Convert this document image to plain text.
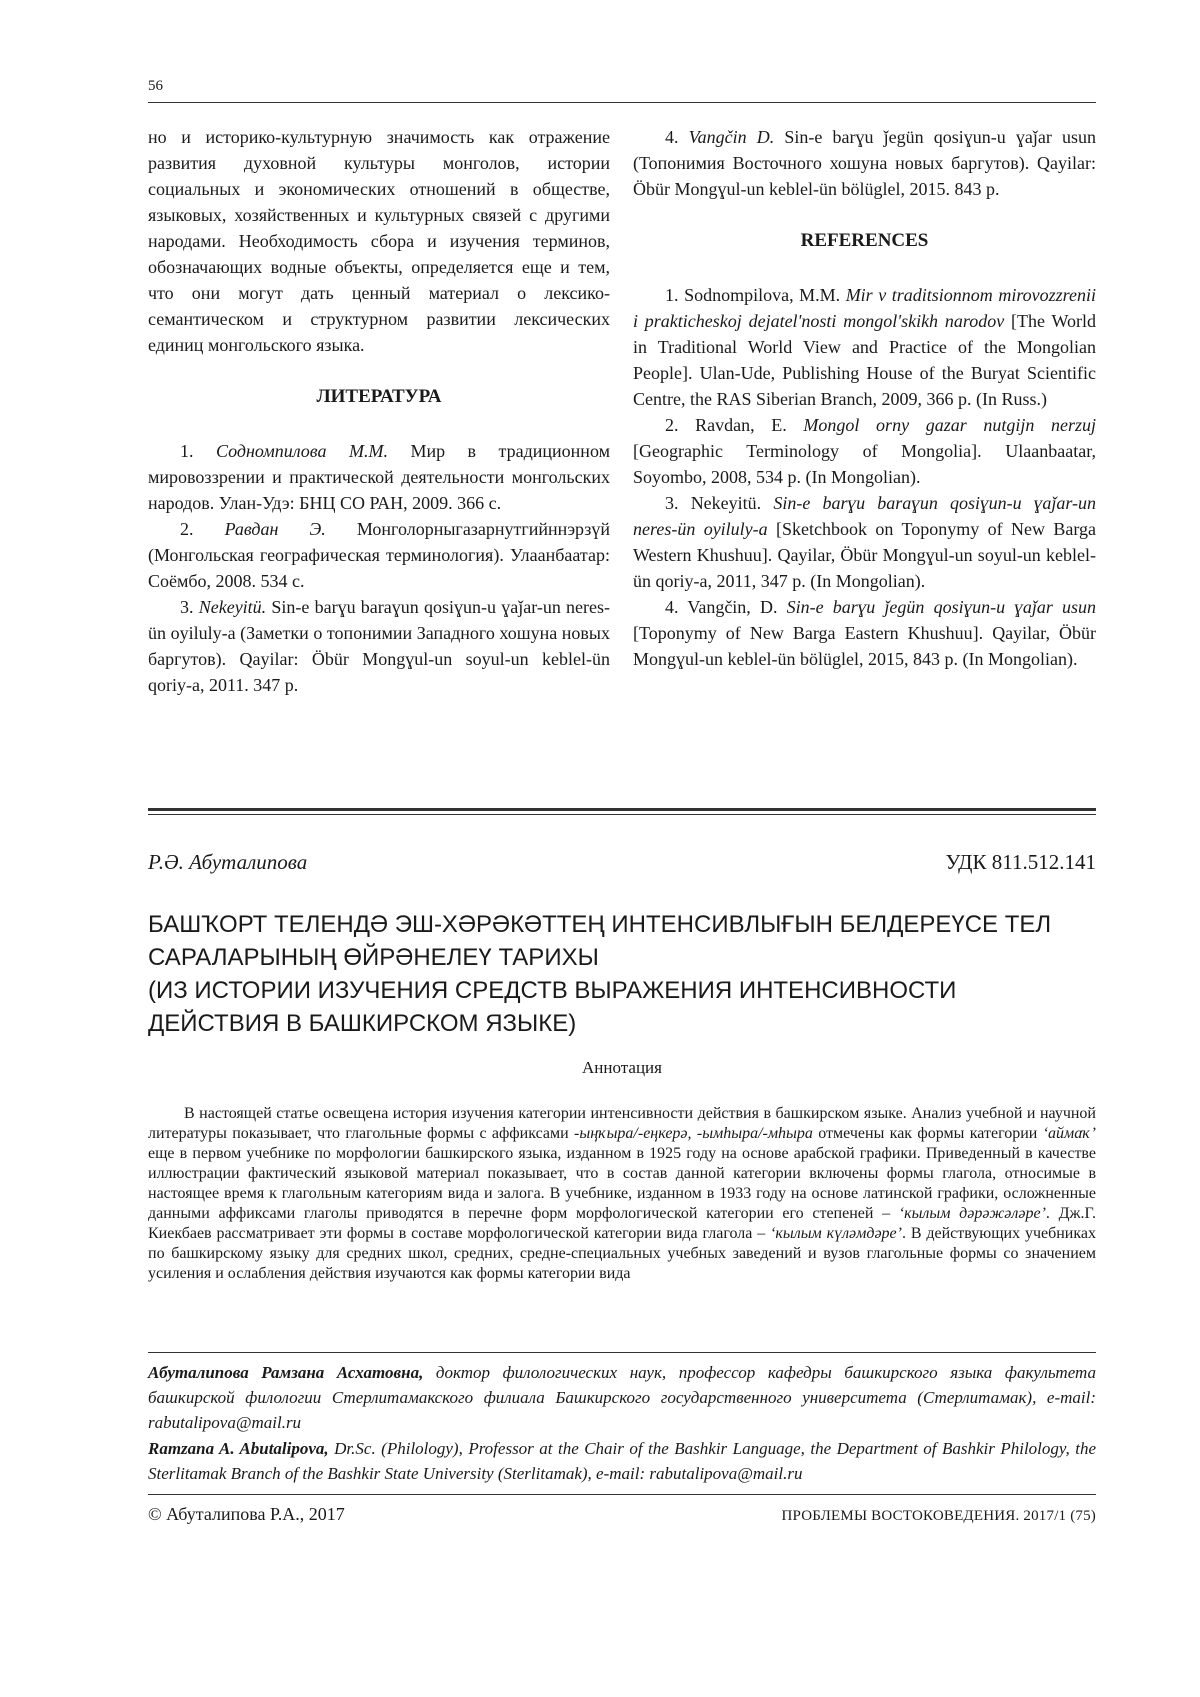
56

но и историко-культурную значимость как отражение развития духовной культуры монголов, истории социальных и экономических отношений в обществе, языковых, хозяйственных и культурных связей с другими народами. Необходимость сбора и изучения терминов, обозначающих водные объекты, определяется еще и тем, что они могут дать ценный материал о лексико-семантическом и структурном развитии лексических единиц монгольского языка.

ЛИТЕРАТУРА

1. Содномпилова М.М. Мир в традиционном мировоззрении и практической деятельности монгольских народов. Улан-Удэ: БНЦ СО РАН, 2009. 366 с.

2. Равдан Э. Монголорныгазарнутгийннэрзүй (Монгольская географическая терминология). Улаанбаатар: Соёмбо, 2008. 534 с.

3. Nekeyitü. Sin-e barɣu baraɣun qosiɣun-u ɣaǰar-un neres-ün oyiluly-a (Заметки о топонимии Западного хошуна новых баргутов). Qayilar: Öbür Mongɣul-un soyul-un keblel-ün qoriy-a, 2011. 347 p.

4. Vangčin D. Sin-e barɣu ǰegün qosiɣun-u ɣaǰar usun (Топонимия Восточного хошуна новых баргутов). Qayilar: Öbür Mongɣul-un keblel-ün bölüglel, 2015. 843 p.

REFERENCES

1. Sodnompilova, M.M. Mir v traditsionnom mirovozzrenii i prakticheskoj dejatel'nosti mongol'skikh narodov [The World in Traditional World View and Practice of the Mongolian People]. Ulan-Ude, Publishing House of the Buryat Scientific Centre, the RAS Siberian Branch, 2009, 366 p. (In Russ.)

2. Ravdan, E. Mongol orny gazar nutgijn nerzuj [Geographic Terminology of Mongolia]. Ulaanbaatar, Soyombo, 2008, 534 p. (In Mongolian).

3. Nekeyitü. Sin-e barɣu baraɣun qosiɣun-u ɣaǰar-un neres-ün oyiluly-a [Sketchbook on Toponymy of New Barga Western Khushuu]. Qayilar, Öbür Mongɣul-un soyul-un keblel-ün qoriy-a, 2011, 347 p. (In Mongolian).

4. Vangčin, D. Sin-e barɣu ǰegün qosiɣun-u ɣaǰar usun [Toponymy of New Barga Eastern Khushuu]. Qayilar, Öbür Mongɣul-un keblel-ün bölüglel, 2015, 843 p. (In Mongolian).

Р.Ә. Абуталипова	УДК 811.512.141
БАШҠОРТ ТЕЛЕНДӘ ЭШ-ХӘРӘКӘТТЕҢ ИНТЕНСИВЛЫҒЫН БЕЛДЕРЕҮСЕ ТЕЛ
САРАЛАРЫНЫҢ ӨЙРӘНЕЛЕҮ ТАРИХЫ
(ИЗ ИСТОРИИ ИЗУЧЕНИЯ СРЕДСТВ ВЫРАЖЕНИЯ ИНТЕНСИВНОСТИ
ДЕЙСТВИЯ В БАШКИРСКОМ ЯЗЫКЕ)
Аннотация

В настоящей статье освещена история изучения категории интенсивности действия в башкирском языке. Анализ учебной и научной литературы показывает, что глагольные формы с аффиксами -ыңҡыра/-еңкерә, -ымһыра/-мһыра отмечены как формы категории ‘аймаҡ’ еще в первом учебнике по морфологии башкирского языка, изданном в 1925 году на основе арабской графики. Приведенный в качестве иллюстрации фактический языковой материал показывает, что в состав данной категории включены формы глагола, относимые в настоящее время к глагольным категориям вида и залога. В учебнике, изданном в 1933 году на основе латинской графики, осложненные данными аффиксами глаголы приводятся в перечне форм морфологической категории его степеней – ‘кылым дәрәжәләре’. Дж.Г. Киекбаев рассматривает эти формы в составе морфологической категории вида глагола – ‘кылым күләмдәре’. В действующих учебниках по башкирскому языку для средних школ, средних, средне-специальных учебных заведений и вузов глагольные формы со значением усиления и ослабления действия изучаются как формы категории вида

Абуталипова Рамзана Асхатовна, доктор филологических наук, профессор кафедры башкирского языка факультета башкирской филологии Стерлитамакского филиала Башкирского государственного университета (Стерлитамак), e-mail: rabutalipova@mail.ru
Ramzana A. Abutalipova, Dr.Sc. (Philology), Professor at the Chair of the Bashkir Language, the Department of Bashkir Philology, the Sterlitamak Branch of the Bashkir State University (Sterlitamak), e-mail: rabutalipova@mail.ru
© Абуталипова Р.А., 2017	ПРОБЛЕМЫ ВОСТОКОВЕДЕНИЯ. 2017/1 (75)
